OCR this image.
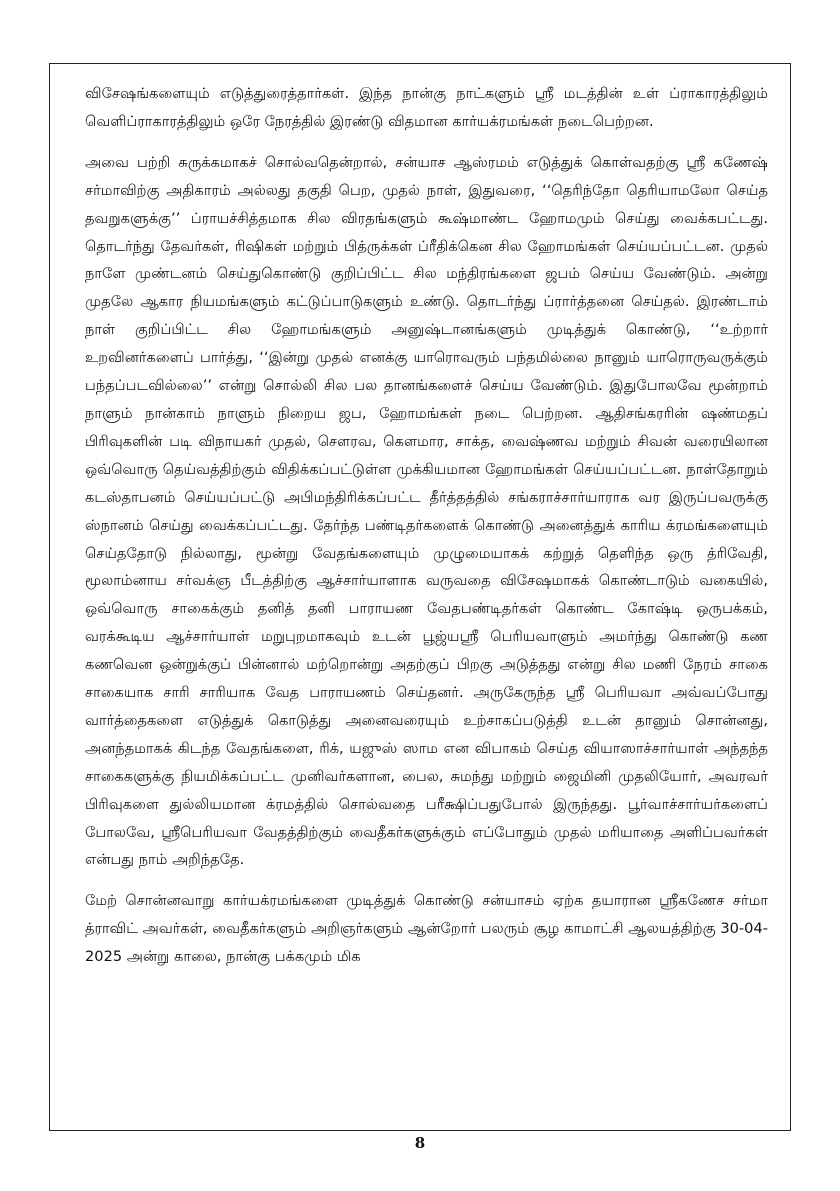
விசேஷங்களையும் எடுத்துரைத்தார்கள். இந்த நான்கு நாட்களும் ஸ்ரீ மடத்தின் உள் ப்ராகாரத்திலும் வெளிப்ராகாரத்திலும் ஒரே நேரத்தில் இரண்டு விதமான கார்யக்ரமங்கள் நடைபெற்றன.

அவை பற்றி சுருக்கமாகச் சொல்வதென்றால், சன்யாச ஆஸ்ரமம் எடுத்துக் கொள்வதற்கு ஸ்ரீ கணேஷ் சர்மாவிற்கு அதிகாரம் அல்லது தகுதி பெற, முதல் நாள், இதுவரை, ‘‘தெரிந்தோ தெரியாமலோ செய்த தவறுகளுக்கு’’ ப்ராயச்சித்தமாக சில விரதங்களும் கூஷ்மாண்ட ஹோமமும் செய்து வைக்கபட்டது. தொடர்ந்து தேவர்கள், ரிஷிகள் மற்றும் பித்ருக்கள் ப்ரீதிக்கென சில ஹோமங்கள் செய்யப்பட்டன. முதல் நாளே முண்டனம் செய்துகொண்டு குறிப்பிட்ட சில மந்திரங்களை ஜபம் செய்ய வேண்டும். அன்று முதலே ஆகார நியமங்களும் கட்டுப்பாடுகளும் உண்டு. தொடர்ந்து ப்ரார்த்தனை செய்தல். இரண்டாம் நாள் குறிப்பிட்ட சில ஹோமங்களும் அனுஷ்டானங்களும் முடித்துக் கொண்டு, ‘‘உற்றார் உறவினர்களைப் பார்த்து, ‘‘இன்று முதல் எனக்கு யாரொவரும் பந்தமில்லை நானும் யாரொருவருக்கும் பந்தப்படவில்லை’’ என்று சொல்லி சில பல தானங்களைச் செய்ய வேண்டும். இதுபோலவே மூன்றாம் நாளும் நான்காம் நாளும் நிறைய ஜப, ஹோமங்கள் நடை பெற்றன. ஆதிசங்கரரின் ஷண்மதப் பிரிவுகளின் படி விநாயகர் முதல், சௌரவ, கௌமார, சாக்த, வைஷ்ணவ மற்றும் சிவன் வரையிலான ஒவ்வொரு தெய்வத்திற்கும் விதிக்கப்பட்டுள்ள முக்கியமான ஹோமங்கள் செய்யப்பட்டன. நாள்தோறும் கடஸ்தாபனம் செய்யப்பட்டு அபிமந்திரிக்கப்பட்ட தீர்த்தத்தில் சங்கராச்சார்யாராக வர இருப்பவருக்கு ஸ்நானம் செய்து வைக்கப்பட்டது. தேர்ந்த பண்டிதர்களைக் கொண்டு அனைத்துக் காரிய க்ரமங்களையும் செய்ததோடு நில்லாது, மூன்று வேதங்களையும் முழுமையாகக் கற்றுத் தெளிந்த ஒரு த்ரிவேதி, மூலாம்னாய சர்வக்ஞ பீடத்திற்கு ஆச்சார்யாளாக வருவதை விசேஷமாகக் கொண்டாடும் வகையில், ஒவ்வொரு சாகைக்கும் தனித் தனி பாராயண வேதபண்டிதர்கள் கொண்ட கோஷ்டி ஒருபக்கம், வரக்கூடிய ஆச்சார்யாள் மறுபுறமாகவும் உடன் பூஜ்யஸ்ரீ பெரியவாளும் அமர்ந்து கொண்டு கண கணவென ஒன்றுக்குப் பின்னால் மற்றொன்று அதற்குப் பிறகு அடுத்தது என்று சில மணி நேரம் சாகை சாகையாக சாரி சாரியாக வேத பாராயணம் செய்தனர். அருகேருந்த ஸ்ரீ பெரியவா அவ்வப்போது வார்த்தைகளை எடுத்துக் கொடுத்து அனைவரையும் உற்சாகப்படுத்தி உடன் தானும் சொன்னது, அனந்தமாகக் கிடந்த வேதங்களை, ரிக், யஜுஸ் ஸாம என விபாகம் செய்த வியாஸாச்சார்யாள் அந்தந்த சாகைகளுக்கு நியமிக்கப்பட்ட முனிவர்களான, பைல, சுமந்து மற்றும் ஜைமினி முதலியோர், அவரவர் பிரிவுகளை துல்லியமான க்ரமத்தில் சொல்வதை பரீக்ஷிப்பதுபோல் இருந்தது. பூர்வாச்சார்யர்களைப் போலவே, ஸ்ரீபெரியவா வேதத்திற்கும் வைதீகர்களுக்கும் எப்போதும் முதல் மரியாதை அளிப்பவர்கள் என்பது நாம் அறிந்ததே.

மேற் சொன்னவாறு கார்யக்ரமங்களை முடித்துக் கொண்டு சன்யாசம் ஏற்க தயாரான ஸ்ரீகணேச சர்மா த்ராவிட் அவர்கள், வைதீகர்களும் அறிஞர்களும் ஆன்றோர் பலரும் சூழ காமாட்சி ஆலயத்திற்கு 30-04-2025 அன்று காலை, நான்கு பக்கமும் மிக

8
